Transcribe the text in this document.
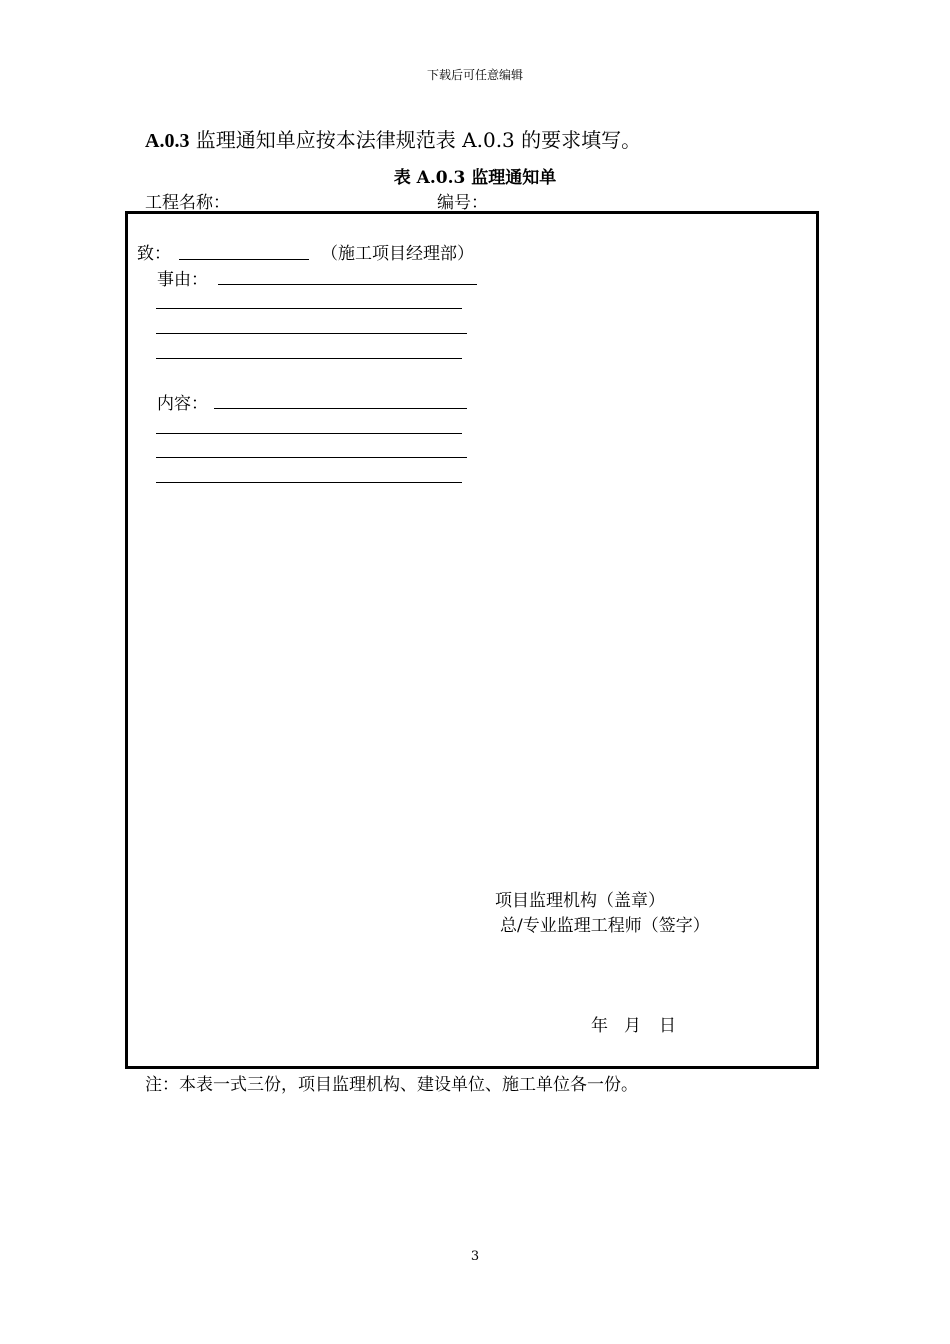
下载后可任意编辑
A.0.3 监理通知单应按本法律规范表 A.0.3 的要求填写。
表 A.0.3 监理通知单
工程名称：	编号：
致：	（施工项目经理部）
事由：
内容：
项目监理机构（盖章）
总/专业监理工程师（签字）
年 月 日
注：本表一式三份，项目监理机构、建设单位、施工单位各一份。
3
